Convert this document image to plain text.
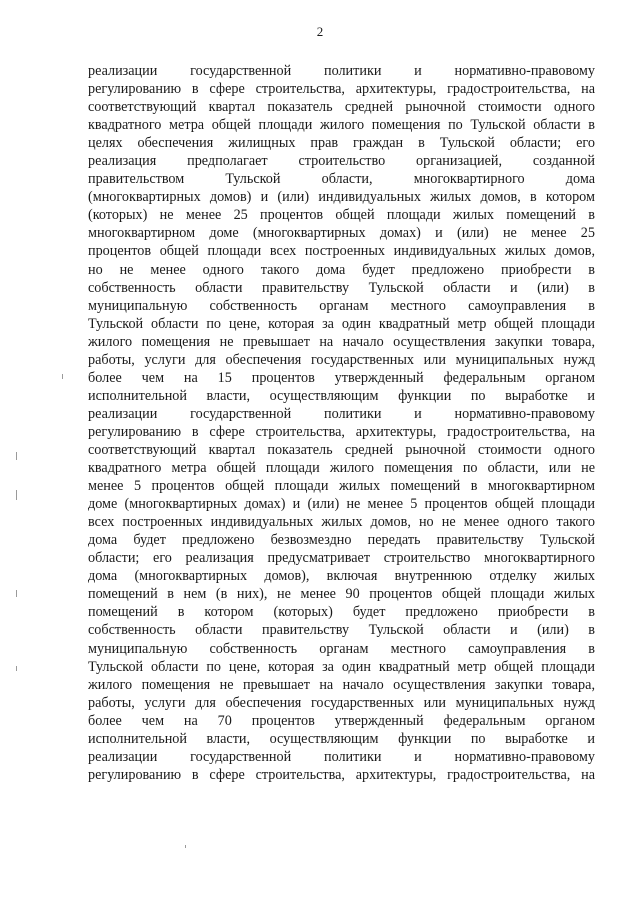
2
реализации государственной политики и нормативно-правовому
регулированию в сфере строительства, архитектуры, градостроительства, на
соответствующий квартал показатель средней рыночной стоимости одного
квадратного метра общей площади жилого помещения по Тульской области в
целях обеспечения жилищных прав граждан в Тульской области; его
реализация предполагает строительство организацией, созданной
правительством Тульской области, многоквартирного дома
(многоквартирных домов) и (или) индивидуальных жилых домов, в котором
(которых) не менее 25 процентов общей площади жилых помещений в
многоквартирном доме (многоквартирных домах) и (или) не менее 25
процентов общей площади всех построенных индивидуальных жилых домов,
но не менее одного такого дома будет предложено приобрести в
собственность области правительству Тульской области и (или) в
муниципальную собственность органам местного самоуправления в
Тульской области по цене, которая за один квадратный метр общей площади
жилого помещения не превышает на начало осуществления закупки товара,
работы, услуги для обеспечения государственных или муниципальных нужд
более чем на 15 процентов утвержденный федеральным органом
исполнительной власти, осуществляющим функции по выработке и
реализации государственной политики и нормативно-правовому
регулированию в сфере строительства, архитектуры, градостроительства, на
соответствующий квартал показатель средней рыночной стоимости одного
квадратного метра общей площади жилого помещения по области, или не
менее 5 процентов общей площади жилых помещений в многоквартирном
доме (многоквартирных домах) и (или) не менее 5 процентов общей площади
всех построенных индивидуальных жилых домов, но не менее одного такого
дома будет предложено безвозмездно передать правительству Тульской
области; его реализация предусматривает строительство многоквартирного
дома (многоквартирных домов), включая внутреннюю отделку жилых
помещений в нем (в них), не менее 90 процентов общей площади жилых
помещений в котором (которых) будет предложено приобрести в
собственность области правительству Тульской области и (или) в
муниципальную собственность органам местного самоуправления в
Тульской области по цене, которая за один квадратный метр общей площади
жилого помещения не превышает на начало осуществления закупки товара,
работы, услуги для обеспечения государственных или муниципальных нужд
более чем на 70 процентов утвержденный федеральным органом
исполнительной власти, осуществляющим функции по выработке и
реализации государственной политики и нормативно-правовому
регулированию в сфере строительства, архитектуры, градостроительства, на
